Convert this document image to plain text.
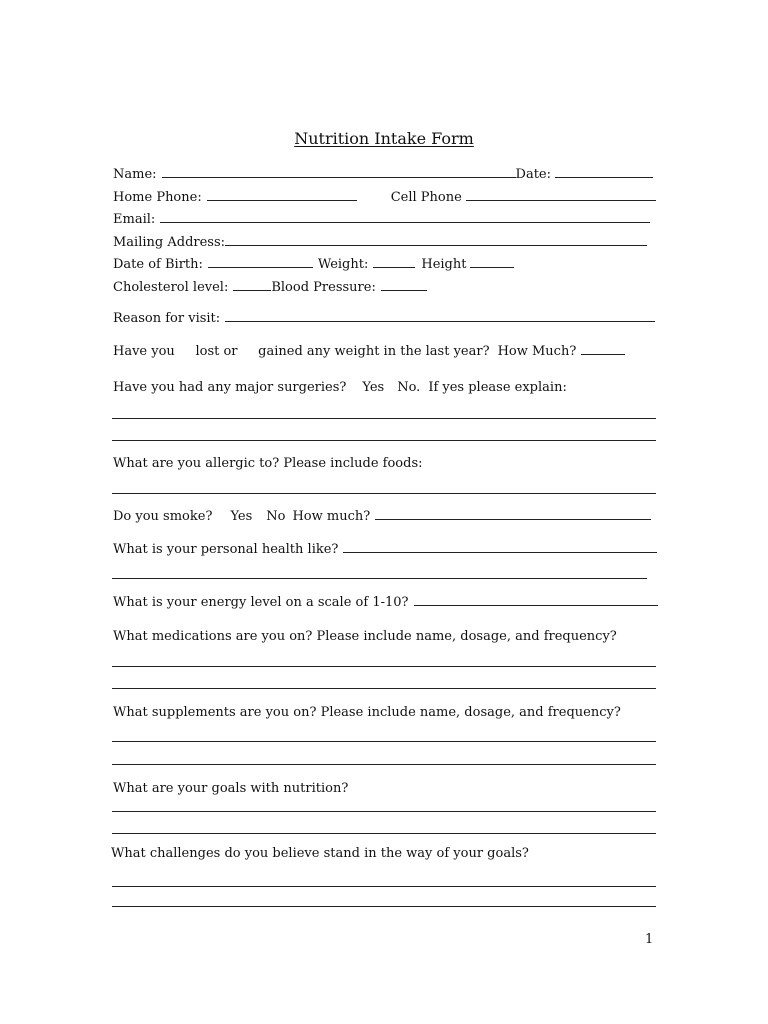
Nutrition Intake Form
Name:	Date:
Home Phone:	Cell Phone
Email:
Mailing Address:
Date of Birth:	Weight:	Height
Cholesterol level:	Blood Pressure:
Reason for visit:
Have you     lost or     gained any weight in the last year? How Much?
Have you had any major surgeries? Yes No. If yes please explain:
What are you allergic to? Please include foods:
Do you smoke? Yes No How much?
What is your personal health like?
What is your energy level on a scale of 1-10?
What medications are you on? Please include name, dosage, and frequency?
What supplements are you on? Please include name, dosage, and frequency?
What are your goals with nutrition?
What challenges do you believe stand in the way of your goals?
1
